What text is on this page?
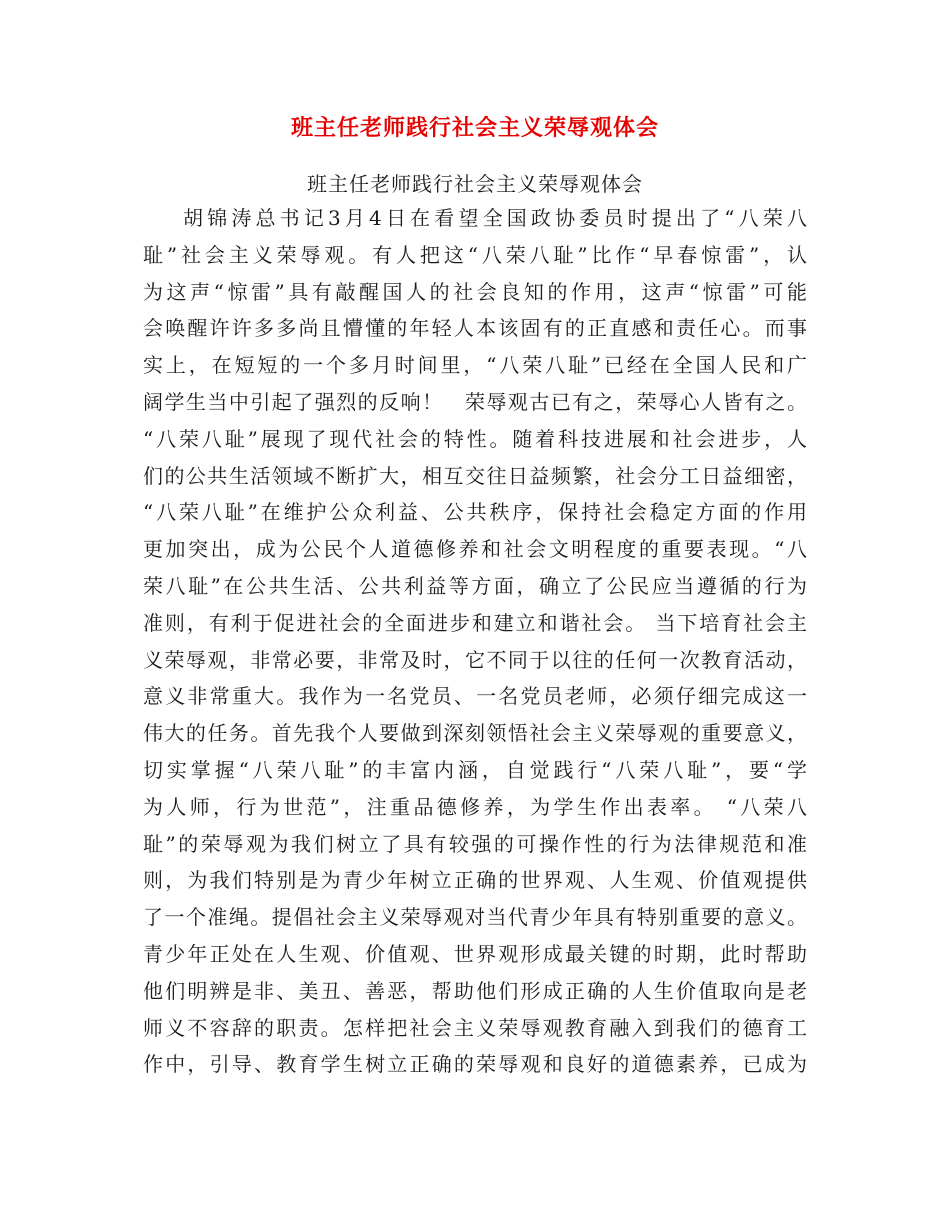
班主任老师践行社会主义荣辱观体会
班主任老师践行社会主义荣辱观体会
胡锦涛总书记3月4日在看望全国政协委员时提出了“八荣八
耻”社会主义荣辱观。有人把这“八荣八耻”比作“早春惊雷”，认
为这声“惊雷”具有敲醒国人的社会良知的作用，这声“惊雷”可能
会唤醒许许多多尚且懵懂的年轻人本该固有的正直感和责任心。而事
实上，在短短的一个多月时间里，“八荣八耻”已经在全国人民和广
阔学生当中引起了强烈的反响！　荣辱观古已有之，荣辱心人皆有之。
“八荣八耻”展现了现代社会的特性。随着科技进展和社会进步，人
们的公共生活领域不断扩大，相互交往日益频繁，社会分工日益细密，
“八荣八耻”在维护公众利益、公共秩序，保持社会稳定方面的作用
更加突出，成为公民个人道德修养和社会文明程度的重要表现。“八
荣八耻”在公共生活、公共利益等方面，确立了公民应当遵循的行为
准则，有利于促进社会的全面进步和建立和谐社会。 当下培育社会主
义荣辱观，非常必要，非常及时，它不同于以往的任何一次教育活动，
意义非常重大。我作为一名党员、一名党员老师，必须仔细完成这一
伟大的任务。首先我个人要做到深刻领悟社会主义荣辱观的重要意义，
切实掌握“八荣八耻”的丰富内涵，自觉践行“八荣八耻”，要“学
为人师，行为世范”，注重品德修养，为学生作出表率。 “八荣八
耻”的荣辱观为我们树立了具有较强的可操作性的行为法律规范和准
则，为我们特别是为青少年树立正确的世界观、人生观、价值观提供
了一个准绳。提倡社会主义荣辱观对当代青少年具有特别重要的意义。
青少年正处在人生观、价值观、世界观形成最关键的时期，此时帮助
他们明辨是非、美丑、善恶，帮助他们形成正确的人生价值取向是老
师义不容辞的职责。怎样把社会主义荣辱观教育融入到我们的德育工
作中，引导、教育学生树立正确的荣辱观和良好的道德素养，已成为
